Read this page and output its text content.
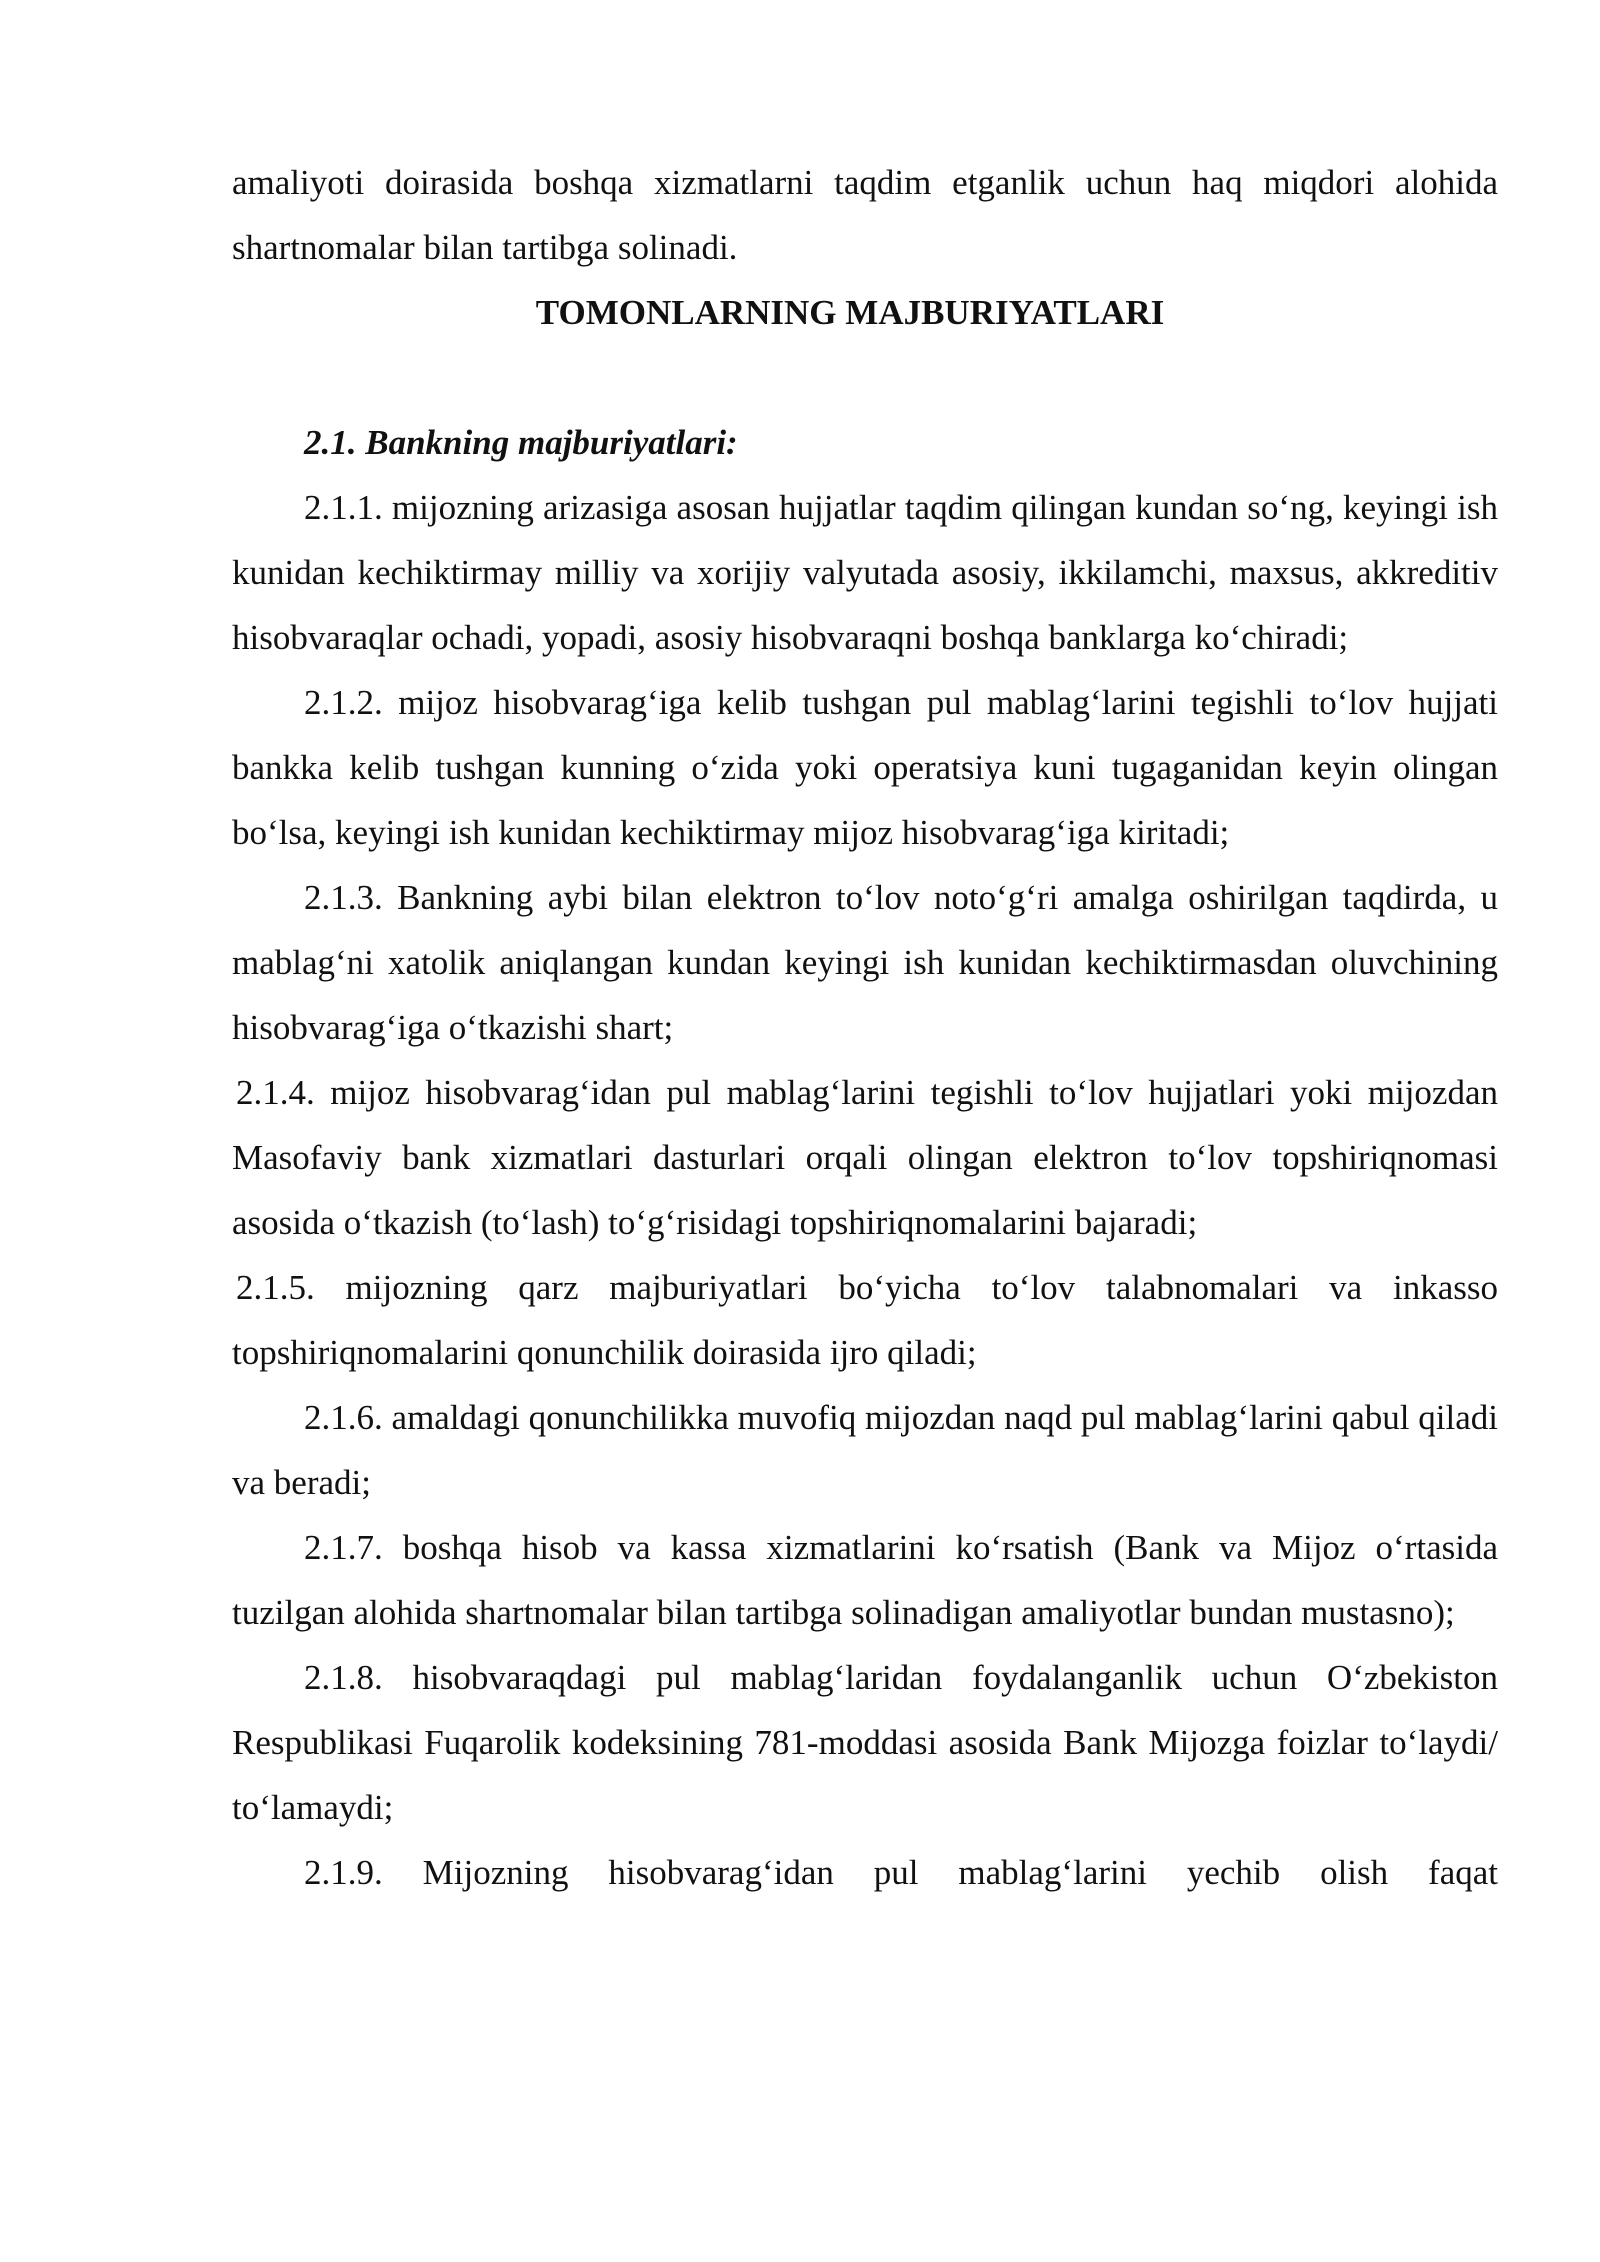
amaliyoti doirasida boshqa xizmatlarni taqdim etganlik uchun haq miqdori alohida shartnomalar bilan tartibga solinadi.

TOMONLARNING MAJBURIYATLARI

2.1. Bankning majburiyatlari:

2.1.1. mijozning arizasiga asosan hujjatlar taqdim qilingan kundan so‘ng, keyingi ish kunidan kechiktirmay milliy va xorijiy valyutada asosiy, ikkilamchi, maxsus, akkreditiv hisobvaraqlar ochadi, yopadi, asosiy hisobvaraqni boshqa banklarga ko‘chiradi;

2.1.2. mijoz hisobvarag‘iga kelib tushgan pul mablag‘larini tegishli to‘lov hujjati bankka kelib tushgan kunning o‘zida yoki operatsiya kuni tugaganidan keyin olingan bo‘lsa, keyingi ish kunidan kechiktirmay mijoz hisobvarag‘iga kiritadi;

2.1.3. Bankning aybi bilan elektron to‘lov noto‘g‘ri amalga oshirilgan taqdirda, u mablag‘ni xatolik aniqlangan kundan keyingi ish kunidan kechiktirmasdan oluvchining hisobvarag‘iga o‘tkazishi shart;

2.1.4. mijoz hisobvarag‘idan pul mablag‘larini tegishli to‘lov hujjatlari yoki mijozdan Masofaviy bank xizmatlari dasturlari orqali olingan elektron to‘lov topshiriqnomasi asosida o‘tkazish (to‘lash) to‘g‘risidagi topshiriqnomalarini bajaradi;

2.1.5. mijozning qarz majburiyatlari bo‘yicha to‘lov talabnomalari va inkasso topshiriqnomalarini qonunchilik doirasida ijro qiladi;

2.1.6. amaldagi qonunchilikka muvofiq mijozdan naqd pul mablag‘larini qabul qiladi va beradi;

2.1.7. boshqa hisob va kassa xizmatlarini ko‘rsatish (Bank va Mijoz o‘rtasida tuzilgan alohida shartnomalar bilan tartibga solinadigan amaliyotlar bundan mustasno);

2.1.8. hisobvaraqdagi pul mablag‘laridan foydalanganlik uchun O‘zbekiston Respublikasi Fuqarolik kodeksining 781-moddasi asosida Bank Mijozga foizlar to‘laydi/ to‘lamaydi;

2.1.9. Mijozning hisobvarag‘idan pul mablag‘larini yechib olish faqat
